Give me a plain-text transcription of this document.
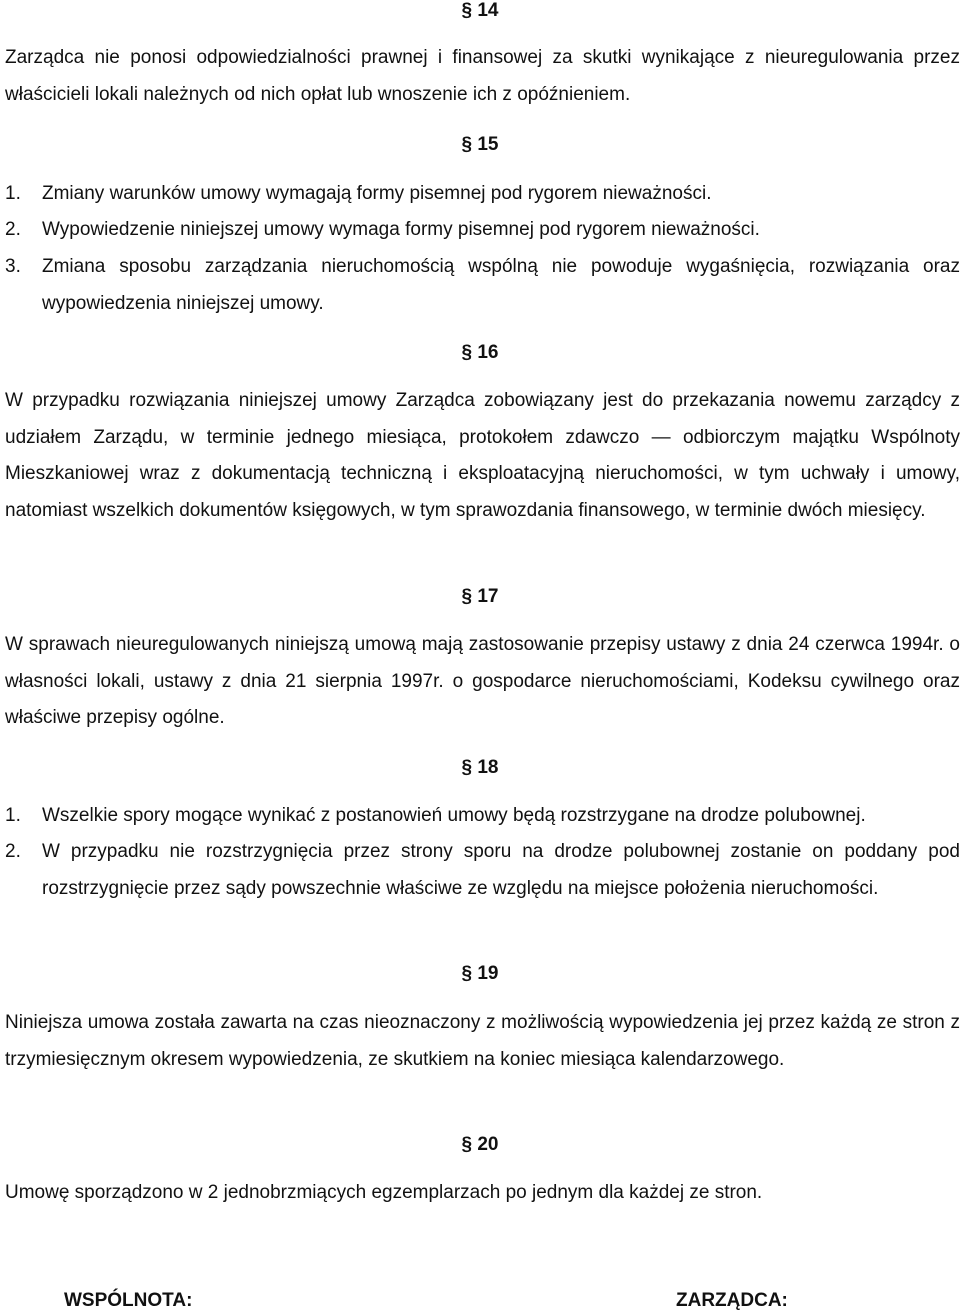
§ 14

Zarządca nie ponosi odpowiedzialności prawnej i finansowej za skutki wynikające z nieuregulowania przez właścicieli lokali należnych od nich opłat lub wnoszenie ich z opóźnieniem.

§ 15
1.	Zmiany warunków umowy wymagają formy pisemnej pod rygorem nieważności.
2.	Wypowiedzenie niniejszej umowy wymaga formy pisemnej pod rygorem nieważności.
3.	Zmiana sposobu zarządzania nieruchomością wspólną nie powoduje wygaśnięcia, rozwiązania oraz wypowiedzenia niniejszej umowy.
§ 16

W przypadku rozwiązania niniejszej umowy Zarządca zobowiązany jest do przekazania nowemu zarządcy z udziałem Zarządu, w terminie jednego miesiąca, protokołem zdawczo — odbiorczym majątku Wspólnoty Mieszkaniowej wraz z dokumentacją techniczną i eksploatacyjną nieruchomości, w tym uchwały i umowy, natomiast wszelkich dokumentów księgowych, w tym sprawozdania finansowego, w terminie dwóch miesięcy.

§ 17

W sprawach nieuregulowanych niniejszą umową mają zastosowanie przepisy ustawy z dnia 24 czerwca 1994r. o własności lokali, ustawy z dnia 21 sierpnia 1997r. o gospodarce nieruchomościami, Kodeksu cywilnego oraz właściwe przepisy ogólne.

§ 18
1.	Wszelkie spory mogące wynikać z postanowień umowy będą rozstrzygane na drodze polubownej.
2.	W przypadku nie rozstrzygnięcia przez strony sporu na drodze polubownej zostanie on poddany pod rozstrzygnięcie przez sądy powszechnie właściwe ze względu na miejsce położenia nieruchomości.
§ 19

Niniejsza umowa została zawarta na czas nieoznaczony z możliwością wypowiedzenia jej przez każdą ze stron z trzymiesięcznym okresem wypowiedzenia, ze skutkiem na koniec miesiąca kalendarzowego.

§ 20

Umowę sporządzono w 2 jednobrzmiących egzemplarzach po jednym dla każdej ze stron.

WSPÓLNOTA:	ZARZĄDCA:
